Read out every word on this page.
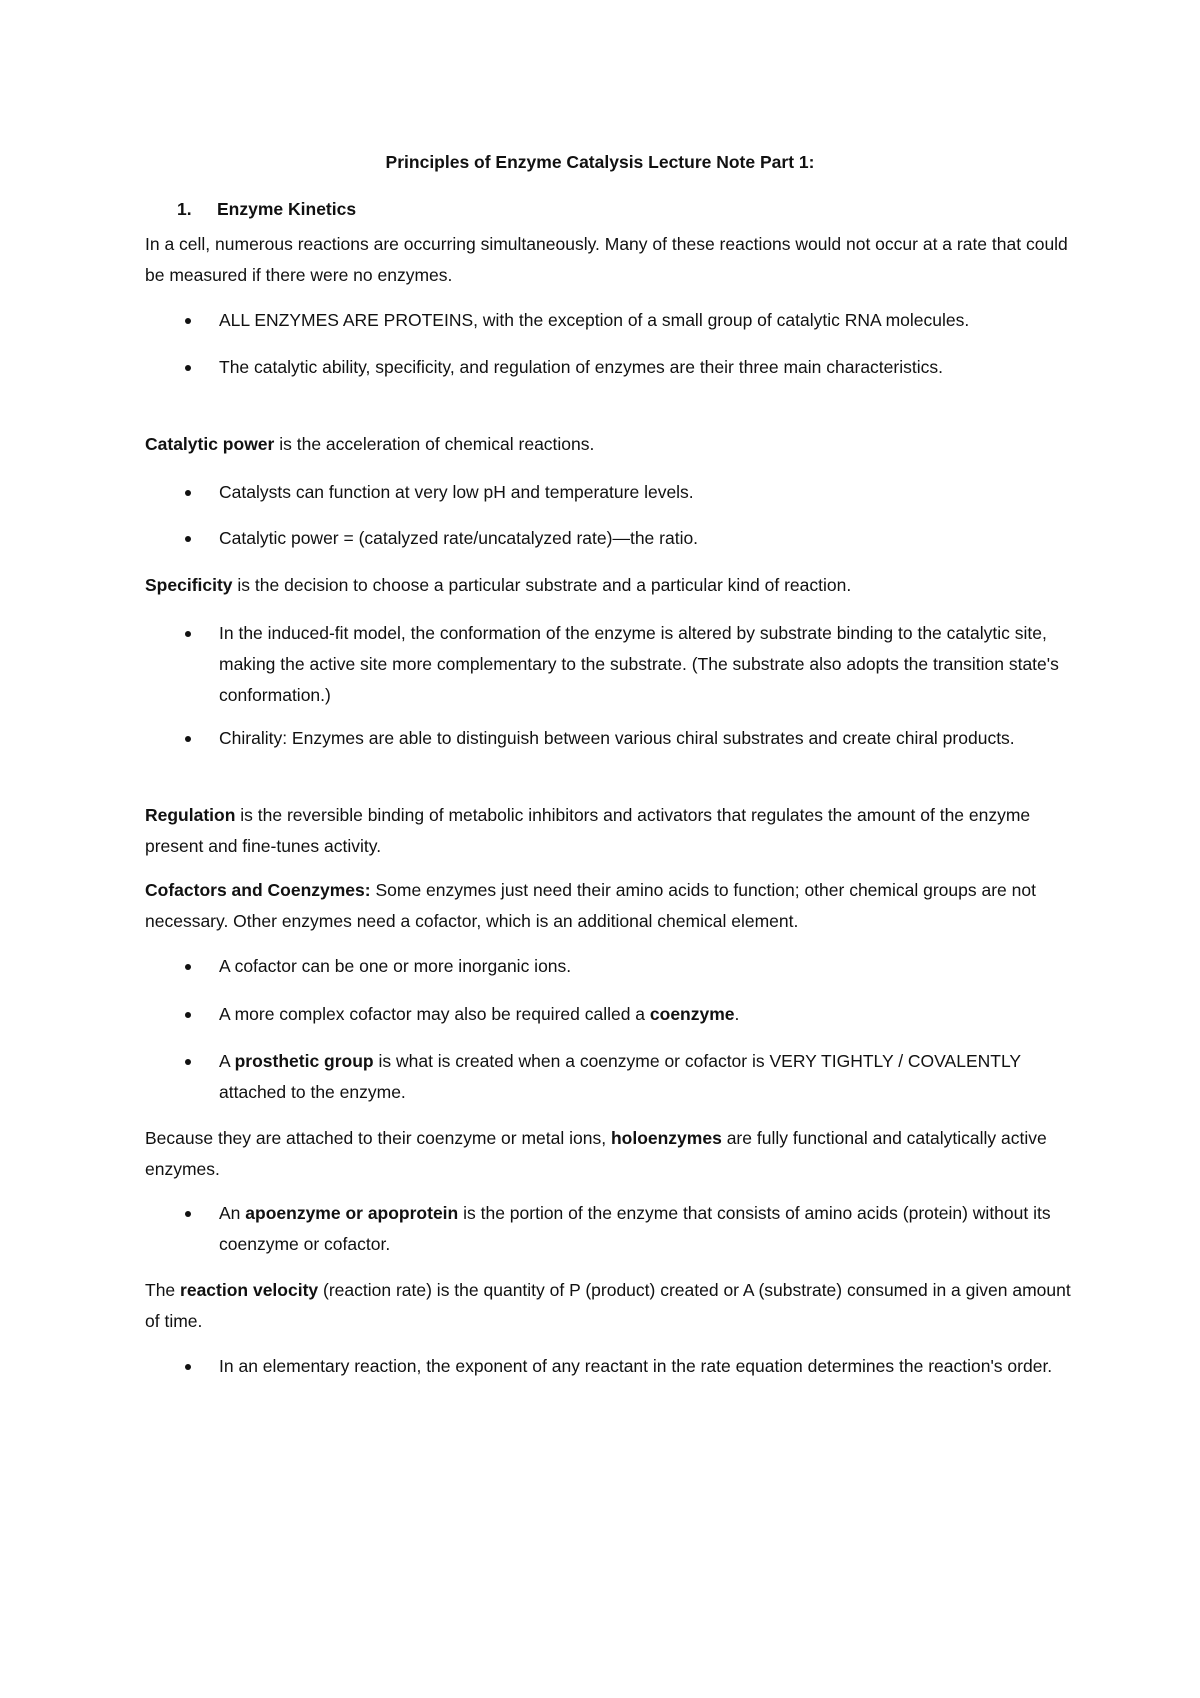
Principles of Enzyme Catalysis Lecture Note Part 1:
1. Enzyme Kinetics

In a cell, numerous reactions are occurring simultaneously. Many of these reactions would not occur at a rate that could be measured if there were no enzymes.

ALL ENZYMES ARE PROTEINS, with the exception of a small group of catalytic RNA molecules.
The catalytic ability, specificity, and regulation of enzymes are their three main characteristics.

Catalytic power is the acceleration of chemical reactions.

Catalysts can function at very low pH and temperature levels.
Catalytic power = (catalyzed rate/uncatalyzed rate)—the ratio.

Specificity is the decision to choose a particular substrate and a particular kind of reaction.

In the induced-fit model, the conformation of the enzyme is altered by substrate binding to the catalytic site, making the active site more complementary to the substrate. (The substrate also adopts the transition state's conformation.)
Chirality: Enzymes are able to distinguish between various chiral substrates and create chiral products.

Regulation is the reversible binding of metabolic inhibitors and activators that regulates the amount of the enzyme present and fine-tunes activity.

Cofactors and Coenzymes: Some enzymes just need their amino acids to function; other chemical groups are not necessary. Other enzymes need a cofactor, which is an additional chemical element.

A cofactor can be one or more inorganic ions.
A more complex cofactor may also be required called a coenzyme.
A prosthetic group is what is created when a coenzyme or cofactor is VERY TIGHTLY / COVALENTLY attached to the enzyme.

Because they are attached to their coenzyme or metal ions, holoenzymes are fully functional and catalytically active enzymes.

An apoenzyme or apoprotein is the portion of the enzyme that consists of amino acids (protein) without its coenzyme or cofactor.

The reaction velocity (reaction rate) is the quantity of P (product) created or A (substrate) consumed in a given amount of time.

In an elementary reaction, the exponent of any reactant in the rate equation determines the reaction's order.
